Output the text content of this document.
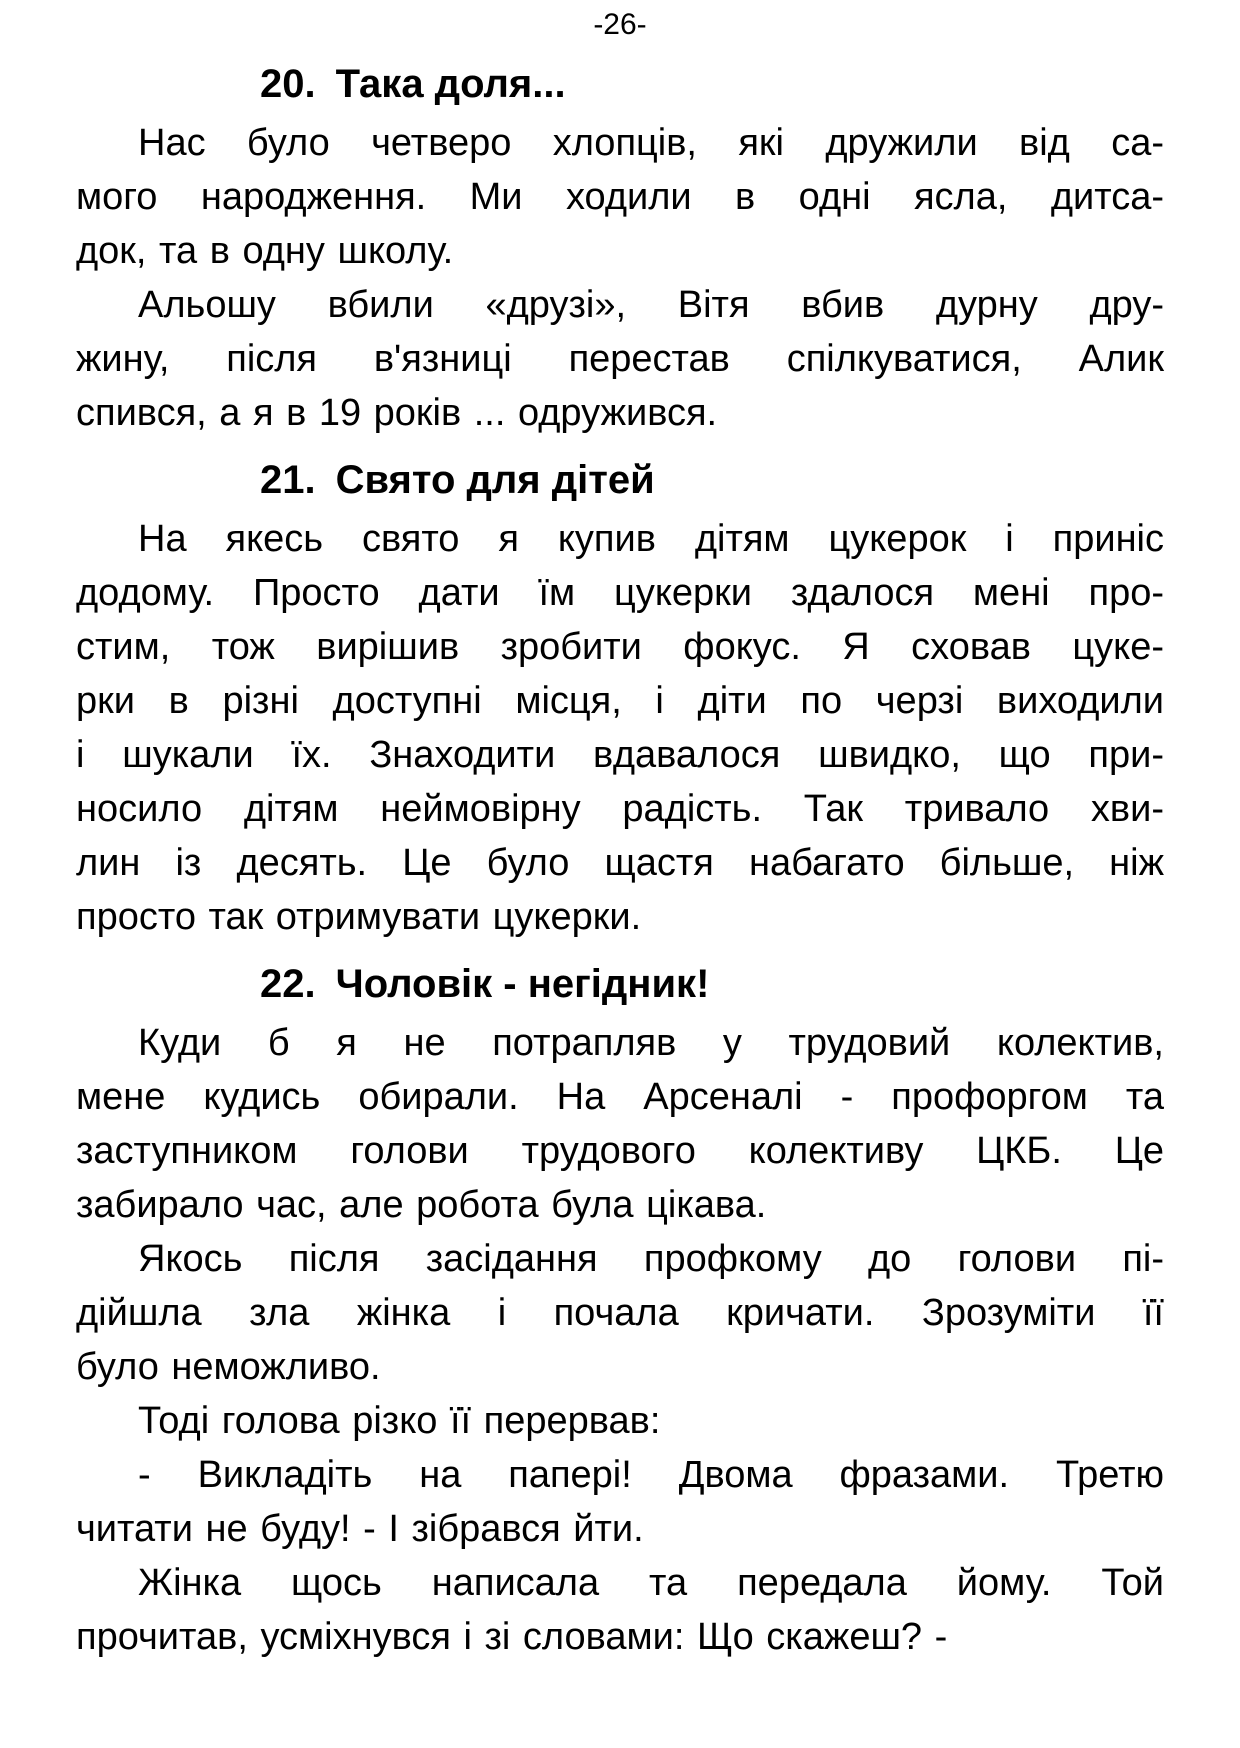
-26-
20. Така доля...
Нас було четверо хлопців, які дружили від са-
мого народження. Ми ходили в одні ясла, дитса-
док, та в одну школу.
Альошу вбили «друзі», Вітя вбив дурну дру-
жину, після в'язниці перестав спілкуватися, Алик
спився, а я в 19 років ... одружився.
21. Свято для дітей
На якесь свято я купив дітям цукерок і приніс
додому. Просто дати їм цукерки здалося мені про-
стим, тож вирішив зробити фокус. Я сховав цуке-
рки в різні доступні місця, і діти по черзі виходили
і шукали їх. Знаходити вдавалося швидко, що при-
носило дітям неймовірну радість. Так тривало хви-
лин із десять. Це було щастя набагато більше, ніж
просто так отримувати цукерки.
22. Чоловік - негідник!
Куди б я не потрапляв у трудовий колектив,
мене кудись обирали. На Арсеналі - профоргом та
заступником голови трудового колективу ЦКБ. Це
забирало час, але робота була цікава.
Якось після засідання профкому до голови пі-
дійшла зла жінка і почала кричати. Зрозуміти її
було неможливо.
Тоді голова різко її перервав:
- Викладіть на папері! Двома фразами. Третю
читати не буду! - І зібрався йти.
Жінка щось написала та передала йому. Той
прочитав, усміхнувся і зі словами: Що скажеш? -
